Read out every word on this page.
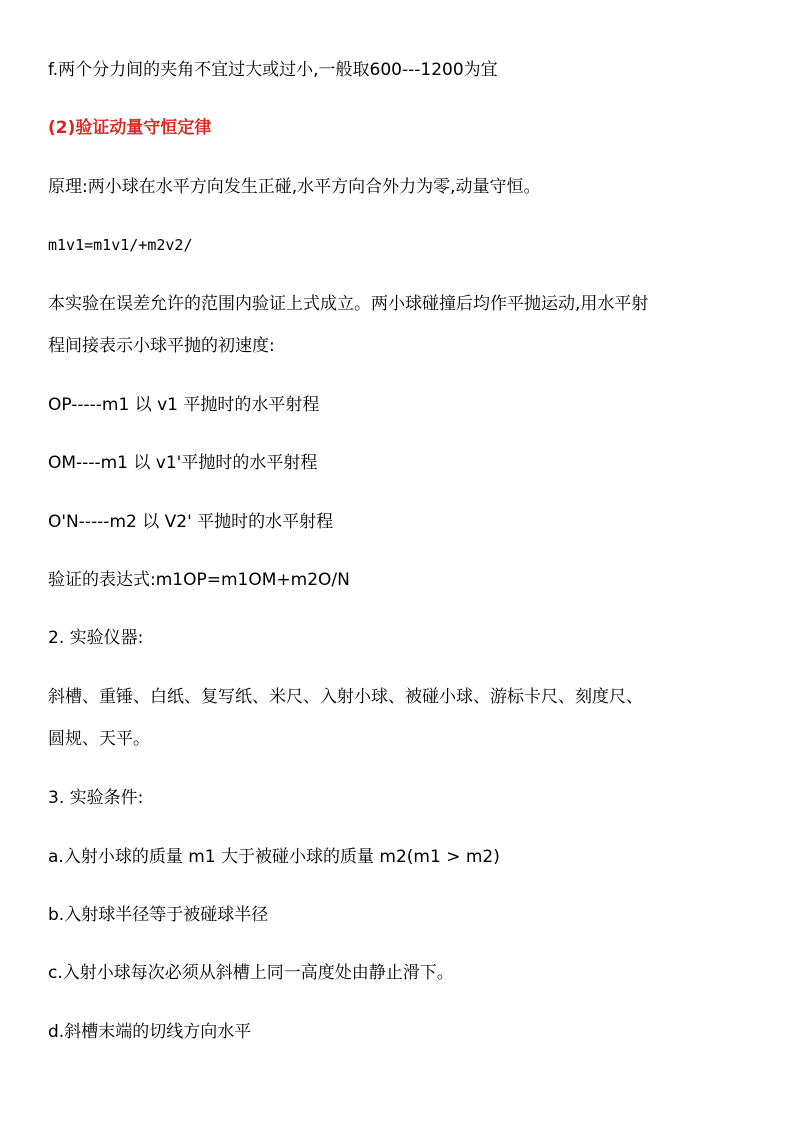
f.两个分力间的夹角不宜过大或过小,一般取600---1200为宜
(2)验证动量守恒定律
原理:两小球在水平方向发生正碰,水平方向合外力为零,动量守恒。
m1v1=m1v1/+m2v2/
本实验在误差允许的范围内验证上式成立。两小球碰撞后均作平抛运动,用水平射
程间接表示小球平抛的初速度:
OP-----m1 以 v1 平抛时的水平射程
OM----m1 以 v1'平抛时的水平射程
O'N-----m2 以 V2' 平抛时的水平射程
验证的表达式:m1OP=m1OM+m2O/N
2. 实验仪器:
斜槽、重锤、白纸、复写纸、米尺、入射小球、被碰小球、游标卡尺、刻度尺、
圆规、天平。
3. 实验条件:
a.入射小球的质量 m1 大于被碰小球的质量 m2(m1 > m2)
b.入射球半径等于被碰球半径
c.入射小球每次必须从斜槽上同一高度处由静止滑下。
d.斜槽末端的切线方向水平
